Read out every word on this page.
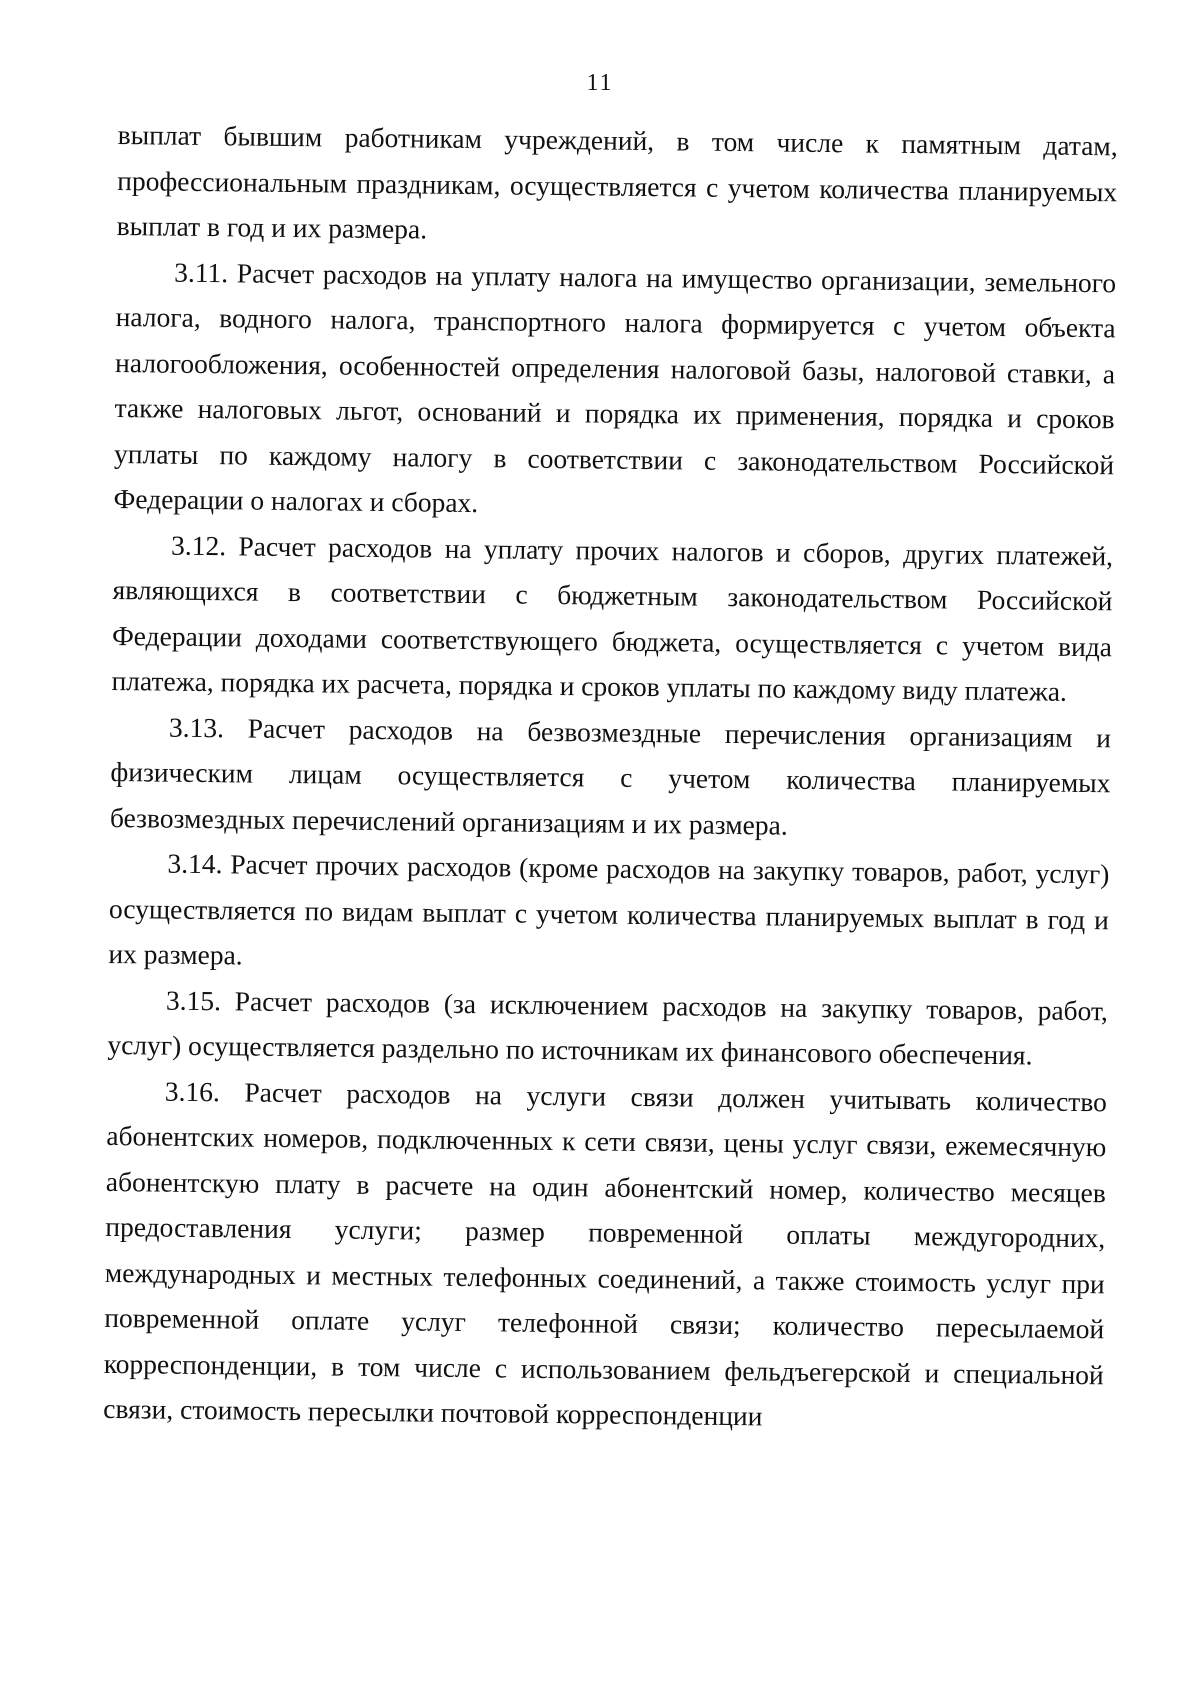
11

выплат бывшим работникам учреждений, в том числе к памятным датам, профессиональным праздникам, осуществляется с учетом количества планируемых выплат в год и их размера.

3.11. Расчет расходов на уплату налога на имущество организации, земельного налога, водного налога, транспортного налога формируется с учетом объекта налогообложения, особенностей определения налоговой базы, налоговой ставки, а также налоговых льгот, оснований и порядка их применения, порядка и сроков уплаты по каждому налогу в соответствии с законодательством Российской Федерации о налогах и сборах.

3.12. Расчет расходов на уплату прочих налогов и сборов, других платежей, являющихся в соответствии с бюджетным законодательством Российской Федерации доходами соответствующего бюджета, осуществляется с учетом вида платежа, порядка их расчета, порядка и сроков уплаты по каждому виду платежа.

3.13. Расчет расходов на безвозмездные перечисления организациям и физическим лицам осуществляется с учетом количества планируемых безвозмездных перечислений организациям и их размера.

3.14. Расчет прочих расходов (кроме расходов на закупку товаров, работ, услуг) осуществляется по видам выплат с учетом количества планируемых выплат в год и их размера.

3.15. Расчет расходов (за исключением расходов на закупку товаров, работ, услуг) осуществляется раздельно по источникам их финансового обеспечения.

3.16. Расчет расходов на услуги связи должен учитывать количество абонентских номеров, подключенных к сети связи, цены услуг связи, ежемесячную абонентскую плату в расчете на один абонентский номер, количество месяцев предоставления услуги; размер повременной оплаты междугородних, международных и местных телефонных соединений, а также стоимость услуг при повременной оплате услуг телефонной связи; количество пересылаемой корреспонденции, в том числе с использованием фельдъегерской и специальной связи, стоимость пересылки почтовой корреспонденции
